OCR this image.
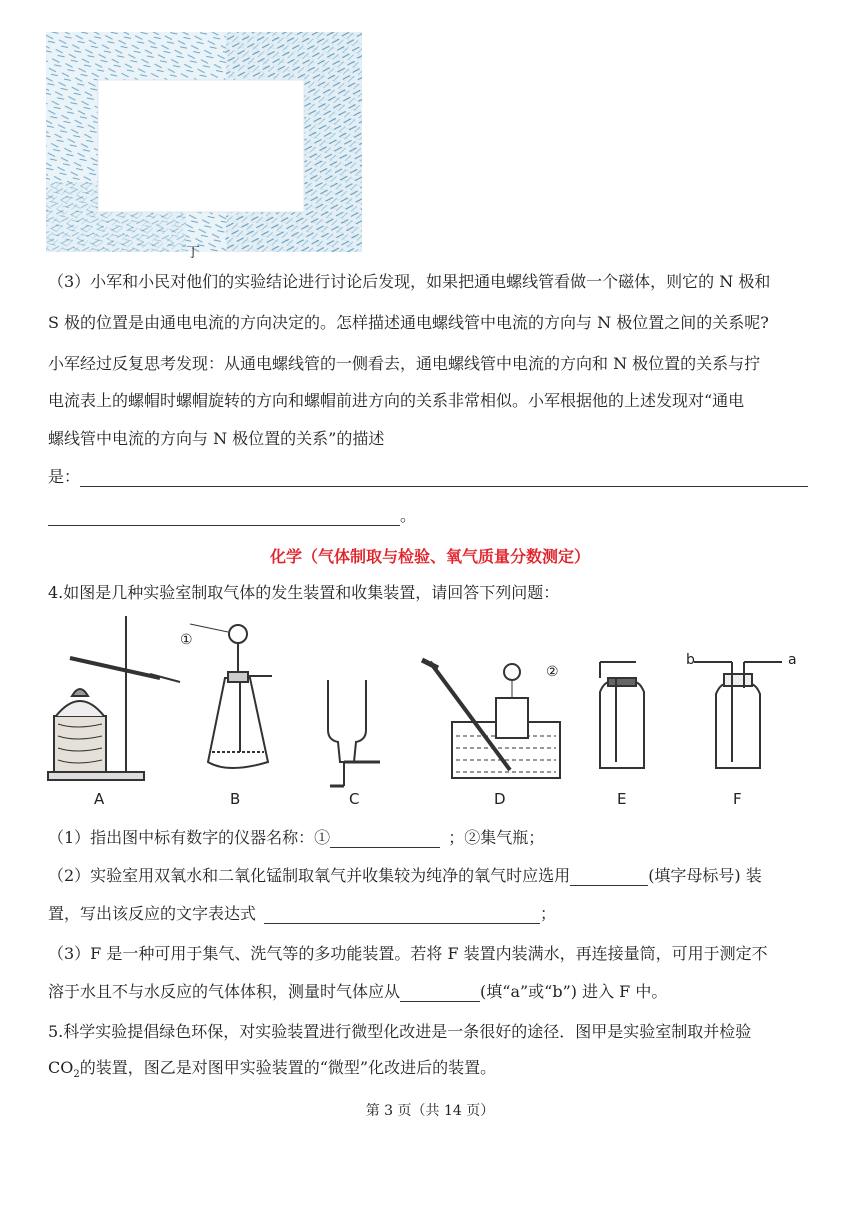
丁
（3）小军和小民对他们的实验结论进行讨论后发现，如果把通电螺线管看做一个磁体，则它的 N 极和
S 极的位置是由通电电流的方向决定的。怎样描述通电螺线管中电流的方向与 N 极位置之间的关系呢?
小军经过反复思考发现：从通电螺线管的一侧看去，通电螺线管中电流的方向和 N 极位置的关系与拧
电流表上的螺帽时螺帽旋转的方向和螺帽前进方向的关系非常相似。小军根据他的上述发现对“通电
螺线管中电流的方向与 N 极位置的关系”的描述
是：
。
化学（气体制取与检验、氧气质量分数测定）
4.如图是几种实验室制取气体的发生装置和收集装置，请回答下列问题：
①
②
b	a
A	B	C	D	E	F
（1）指出图中标有数字的仪器名称：①	；②集气瓶；
（2）实验室用双氧水和二氧化锰制取氧气并收集较为纯净的氧气时应选用	(填字母标号) 装
置，写出该反应的文字表达式	；
（3）F 是一种可用于集气、洗气等的多功能装置。若将 F 装置内装满水，再连接量筒，可用于测定不
溶于水且不与水反应的气体体积，测量时气体应从	(填“a”或“b”) 进入 F 中。
5.科学实验提倡绿色环保，对实验装置进行微型化改进是一条很好的途径．图甲是实验室制取并检验
$CO_2$的装置，图乙是对图甲实验装置的“微型”化改进后的装置。
第 3 页（共 14 页）
